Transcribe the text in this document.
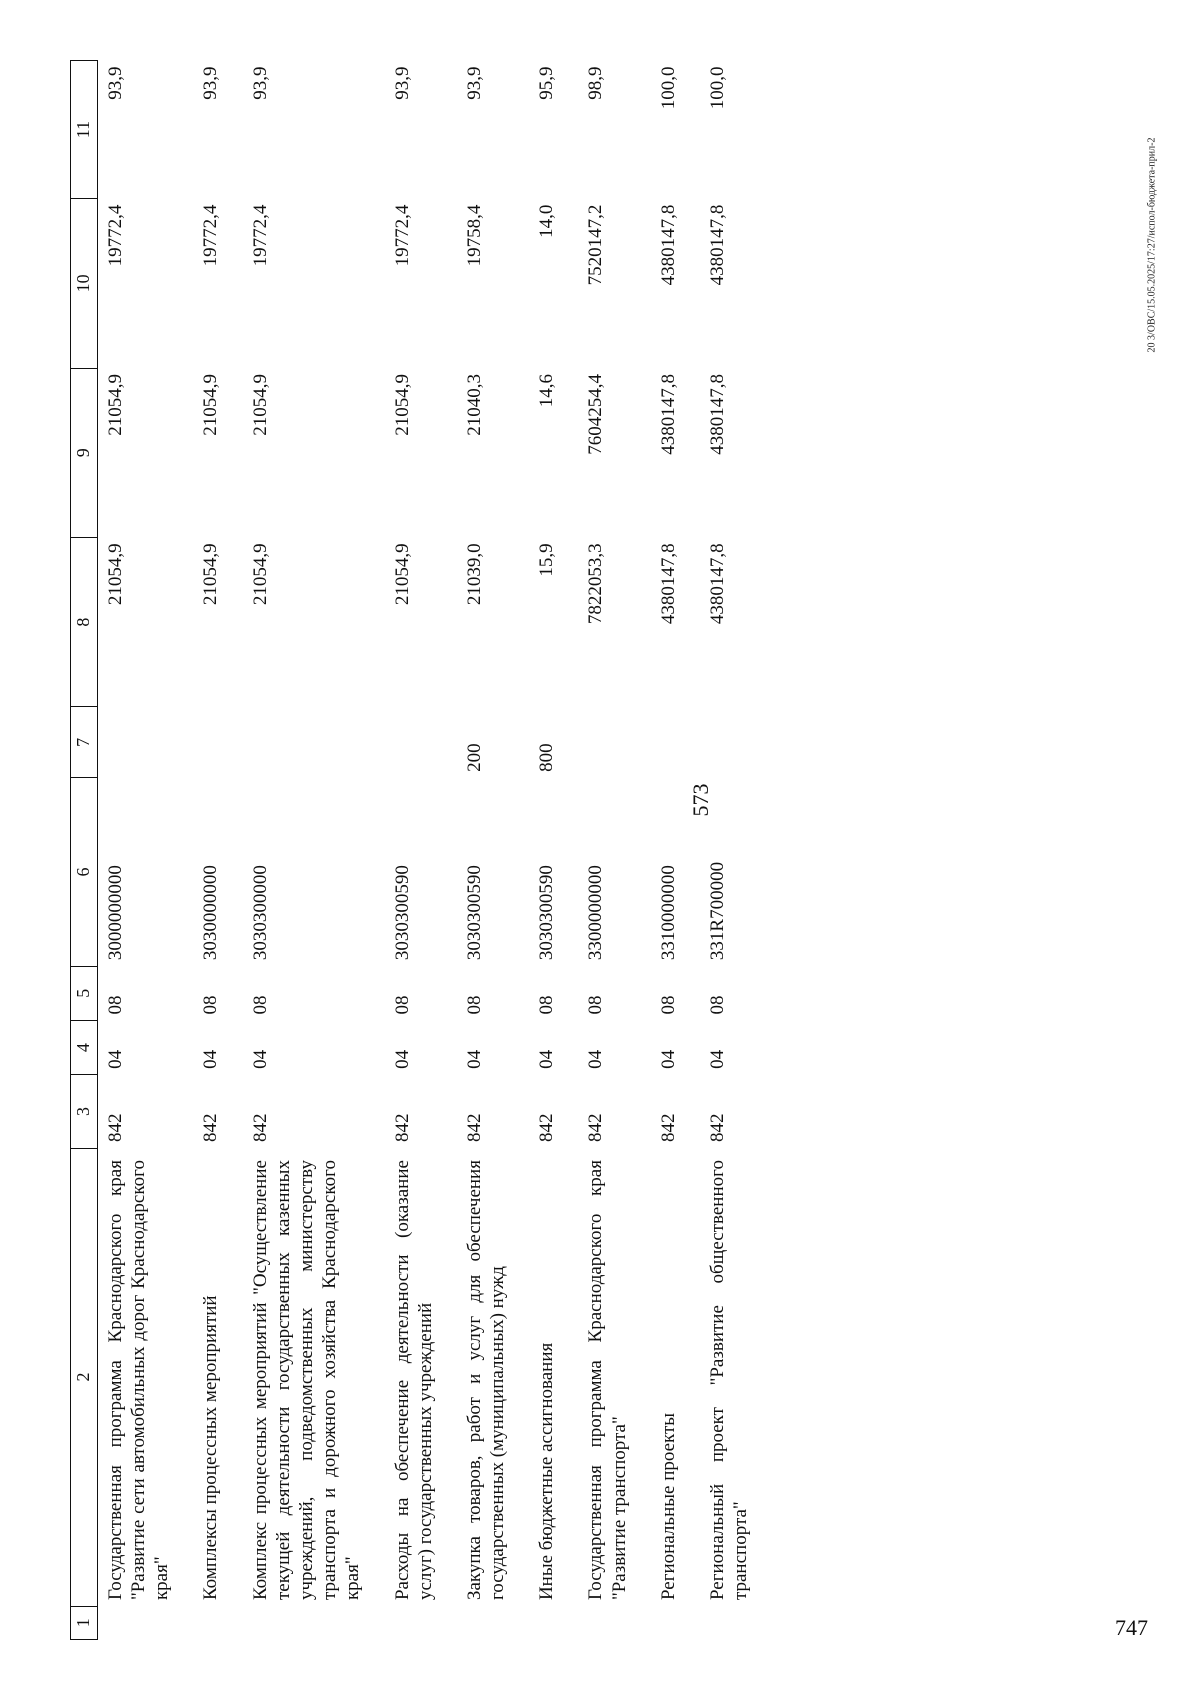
573
20 3/ОВС/15.05.2025/17:27/испол-бюджета-прил-2
747
1	2	3	4	5	6	7	8	9	10	11
	Государственная программа Краснодарского края "Развитие сети автомобильных дорог Краснодарского края"	842	04	08	3000000000		21054,9	21054,9	19772,4	93,9
	Комплексы процессных мероприятий	842	04	08	3030000000		21054,9	21054,9	19772,4	93,9
	Комплекс процессных мероприятий "Осуществление текущей деятельности государственных казенных учреждений, подведомственных министерству транспорта и дорожного хозяйства Краснодарского края"	842	04	08	3030300000		21054,9	21054,9	19772,4	93,9
	Расходы на обеспечение деятельности (оказание услуг) государственных учреждений	842	04	08	3030300590		21054,9	21054,9	19772,4	93,9
	Закупка товаров, работ и услуг для обеспечения государственных (муниципальных) нужд	842	04	08	3030300590	200	21039,0	21040,3	19758,4	93,9
	Иные бюджетные ассигнования	842	04	08	3030300590	800	15,9	14,6	14,0	95,9
	Государственная программа Краснодарского края "Развитие транспорта"	842	04	08	3300000000		7822053,3	7604254,4	7520147,2	98,9
	Региональные проекты	842	04	08	3310000000		4380147,8	4380147,8	4380147,8	100,0
	Региональный проект "Развитие общественного транспорта"	842	04	08	331R700000		4380147,8	4380147,8	4380147,8	100,0
